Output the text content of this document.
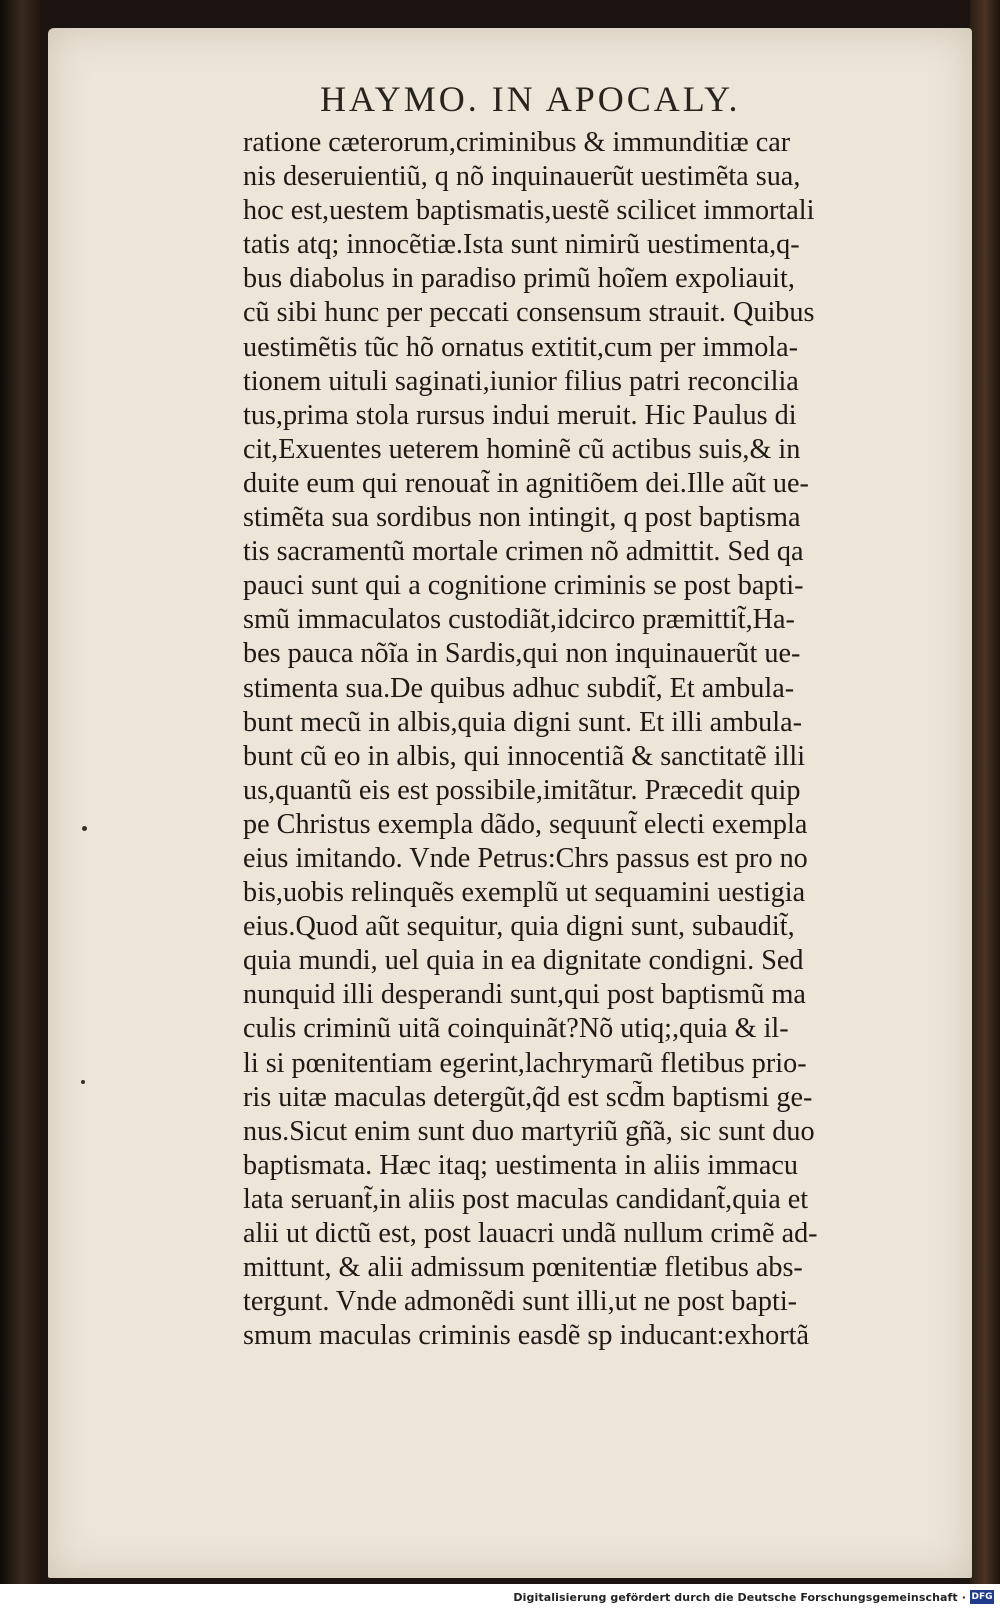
HAYMO. IN APOCALY.
ratione cæterorum,criminibus & immunditiæ car
nis deseruientiũ, q nõ inquinauerũt uestimẽta sua,
hoc est,uestem baptismatis,uestẽ scilicet immortali
tatis atq; innocẽtiæ.Ista sunt nimirũ uestimenta,q-
bus diabolus in paradiso primũ hoĩem expoliauit,
cũ sibi hunc per peccati consensum strauit. Quibus
uestimẽtis tũc hõ ornatus extitit,cum per immola-
tionem uituli saginati,iunior filius patri reconcilia
tus,prima stola rursus indui meruit. Hic Paulus di
cit,Exuentes ueterem hominẽ cũ actibus suis,& in
duite eum qui renouat̃ in agnitiõem dei.Ille aũt ue-
stimẽta sua sordibus non intingit, q post baptisma
tis sacramentũ mortale crimen nõ admittit. Sed qa
pauci sunt qui a cognitione criminis se post bapti-
smũ immaculatos custodiãt,idcirco præmittit̃,Ha-
bes pauca nõĩa in Sardis,qui non inquinauerũt ue-
stimenta sua.De quibus adhuc subdit̃, Et ambula-
bunt mecũ in albis,quia digni sunt. Et illi ambula-
bunt cũ eo in albis, qui innocentiã & sanctitatẽ illi
us,quantũ eis est possibile,imitãtur. Præcedit quip
pe Christus exempla dãdo, sequunt̃ electi exempla
eius imitando. Vnde Petrus:Chrs passus est pro no
bis,uobis relinquẽs exemplũ ut sequamini uestigia
eius.Quod aũt sequitur, quia digni sunt, subaudit̃,
quia mundi, uel quia in ea dignitate condigni. Sed
nunquid illi desperandi sunt,qui post baptismũ ma
culis criminũ uitã coinquinãt?Nõ utiq;,quia & il-
li si pœnitentiam egerint,lachrymarũ fletibus prio-
ris uitæ maculas detergũt,q̃d est scd̃m baptismi ge-
nus.Sicut enim sunt duo martyriũ gñ̃a, sic sunt duo
baptismata. Hæc itaq; uestimenta in aliis immacu
lata seruant̃,in aliis post maculas candidant̃,quia et
alii ut dictũ est, post lauacri undã nullum crimẽ ad-
mittunt, & alii admissum pœnitentiæ fletibus abs-
tergunt. Vnde admonẽdi sunt illi,ut ne post bapti-
smum maculas criminis easdẽ sp inducant:exhortã
Digitalisierung gefördert durch die Deutsche Forschungsgemeinschaft · DFG
